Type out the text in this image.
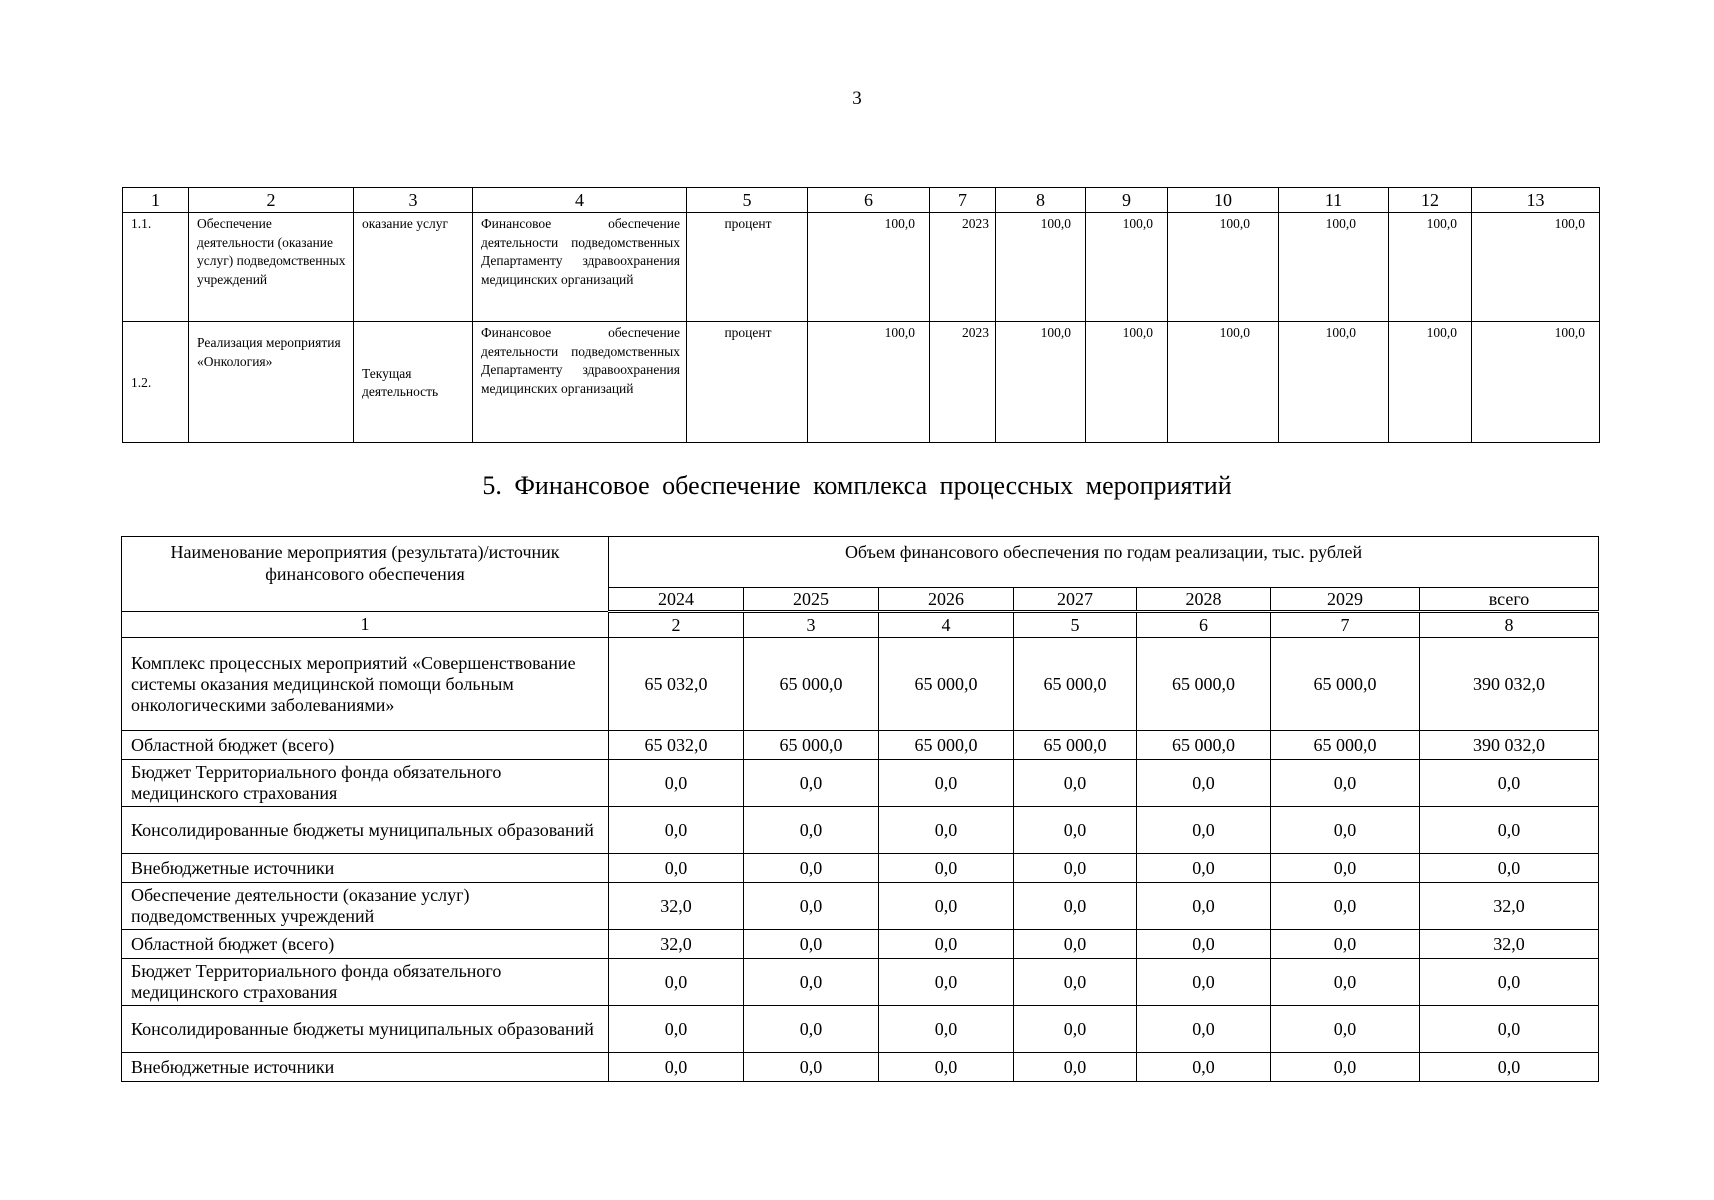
3
1	2	3	4	5	6	7	8	9	10	11	12	13
1.1.	Обеспечение деятельности (оказание услуг) подведомственных учреждений	оказание услуг	Финансовое обеспечение деятельности подведомственных Департаменту здравоохранения медицинских организаций	процент	100,0	2023	100,0	100,0	100,0	100,0	100,0	100,0
1.2.	Реализация мероприятия «Онкология»	Текущая деятельность	Финансовое обеспечение деятельности подведомственных Департаменту здравоохранения медицинских организаций	процент	100,0	2023	100,0	100,0	100,0	100,0	100,0	100,0
5. Финансовое обеспечение комплекса процессных мероприятий
Наименование мероприятия (результата)/источник финансового обеспечения	Объем финансового обеспечения по годам реализации, тыс. рублей						
	2024	2025	2026	2027	2028	2029	всего
1	2	3	4	5	6	7	8
Комплекс процессных мероприятий «Совершенствование системы оказания медицинской помощи больным онкологическими заболеваниями»	65 032,0	65 000,0	65 000,0	65 000,0	65 000,0	65 000,0	390 032,0
Областной бюджет (всего)	65 032,0	65 000,0	65 000,0	65 000,0	65 000,0	65 000,0	390 032,0
Бюджет Территориального фонда обязательного медицинского страхования	0,0	0,0	0,0	0,0	0,0	0,0	0,0
Консолидированные бюджеты муниципальных образований	0,0	0,0	0,0	0,0	0,0	0,0	0,0
Внебюджетные источники	0,0	0,0	0,0	0,0	0,0	0,0	0,0
Обеспечение деятельности (оказание услуг) подведомственных учреждений	32,0	0,0	0,0	0,0	0,0	0,0	32,0
Областной бюджет (всего)	32,0	0,0	0,0	0,0	0,0	0,0	32,0
Бюджет Территориального фонда обязательного медицинского страхования	0,0	0,0	0,0	0,0	0,0	0,0	0,0
Консолидированные бюджеты муниципальных образований	0,0	0,0	0,0	0,0	0,0	0,0	0,0
Внебюджетные источники	0,0	0,0	0,0	0,0	0,0	0,0	0,0
